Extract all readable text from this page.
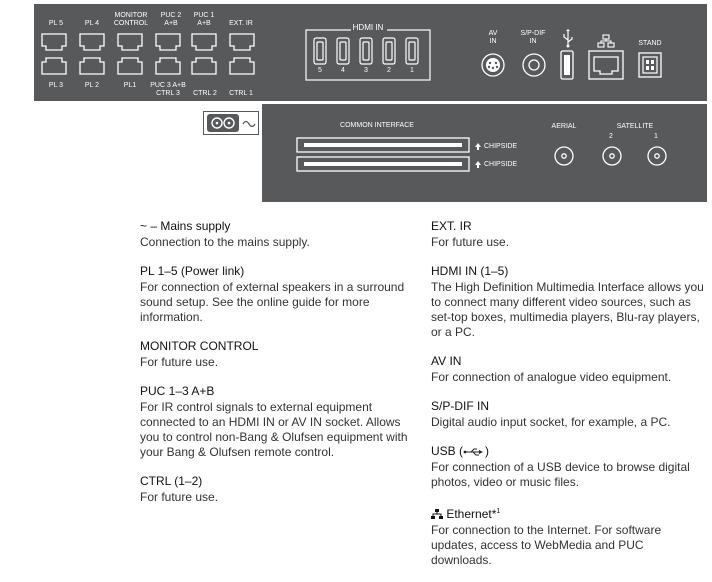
PL 5	PL 4
MONITOR
CONTROL
PUC 2
A+B
PUC 1
A+B	EXT. IR
PL 3	PL 2	PL1	PUC 3 A+B
CTRL 3	CTRL 2	CTRL 1
HDMI IN
5	4	3	2	1
AV
IN
S/P-DIF
IN	STAND
COMMON INTERFACE
CHIPSIDE
CHIPSIDE
AERIAL	SATELLITE
2	1
~ – Mains supply
Connection to the mains supply.
PL 1–5 (Power link)
For connection of external speakers in a surround sound setup. See the online guide for more information.
MONITOR CONTROL
For future use.
PUC 1–3 A+B
For IR control signals to external equipment connected to an HDMI IN or AV IN socket. Allows you to control non-Bang & Olufsen equipment with your Bang & Olufsen remote control.
CTRL (1–2)
For future use.
EXT. IR
For future use.
HDMI IN (1–5)
The High Definition Multimedia Interface allows you to connect many different video sources, such as set-top boxes, multimedia players, Blu-ray players, or a PC.
AV IN
For connection of analogue video equipment.
S/P-DIF IN
Digital audio input socket, for example, a PC.
USB ( )
For connection of a USB device to browse digital photos, video or music files.
Ethernet*$^1$
For connection to the Internet. For software updates, access to WebMedia and PUC downloads.
